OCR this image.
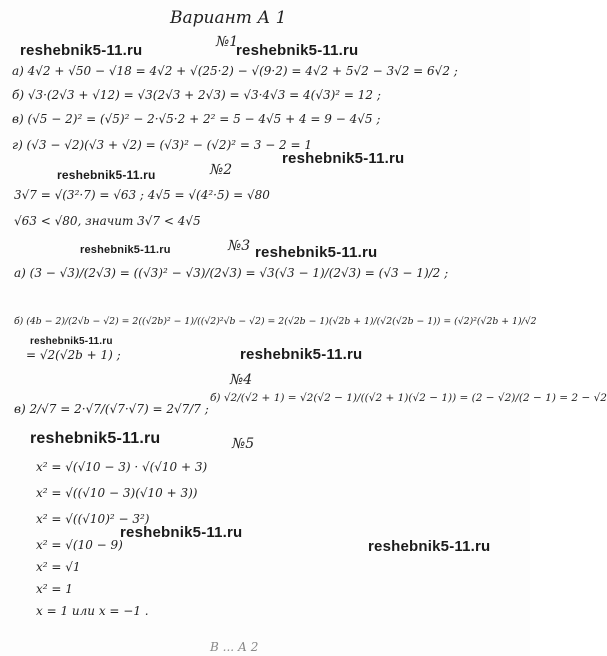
Вариант А 1
reshebnik5-11.ru	reshebnik5-11.ru
reshebnik5-11.ru
reshebnik5-11.ru
reshebnik5-11.ru	reshebnik5-11.ru
reshebnik5-11.ru
reshebnik5-11.ru
reshebnik5-11.ru
reshebnik5-11.ru
reshebnik5-11.ru
№1
№2
№3
№4
№5
а) 4√2 + √50 − √18 = 4√2 + √(25·2) − √(9·2) = 4√2 + 5√2 − 3√2 = 6√2 ;
б) √3·(2√3 + √12) = √3(2√3 + 2√3) = √3·4√3 = 4(√3)² = 12 ;
в) (√5 − 2)² = (√5)² − 2·√5·2 + 2² = 5 − 4√5 + 4 = 9 − 4√5 ;
г) (√3 − √2)(√3 + √2) = (√3)² − (√2)² = 3 − 2 = 1
3√7 = √(3²·7) = √63 ; 4√5 = √(4²·5) = √80
√63 < √80, значит 3√7 < 4√5
а) (3 − √3)/(2√3) = ((√3)² − √3)/(2√3) = √3(√3 − 1)/(2√3) = (√3 − 1)/2 ;
б) (4b − 2)/(2√b − √2) = 2((√2b)² − 1)/((√2)²√b − √2) = 2(√2b − 1)(√2b + 1)/(√2(√2b − 1)) = (√2)²(√2b + 1)/√2
= √2(√2b + 1) ;
в) 2/√7 = 2·√7/(√7·√7) = 2√7/7 ;
б) √2/(√2 + 1) = √2(√2 − 1)/((√2 + 1)(√2 − 1)) = (2 − √2)/(2 − 1) = 2 − √2
x² = √(√10 − 3) · √(√10 + 3)
x² = √((√10 − 3)(√10 + 3))
x² = √((√10)² − 3²)
x² = √(10 − 9)
x² = √1
x² = 1
x = 1 или x = −1 .
В ... А 2
